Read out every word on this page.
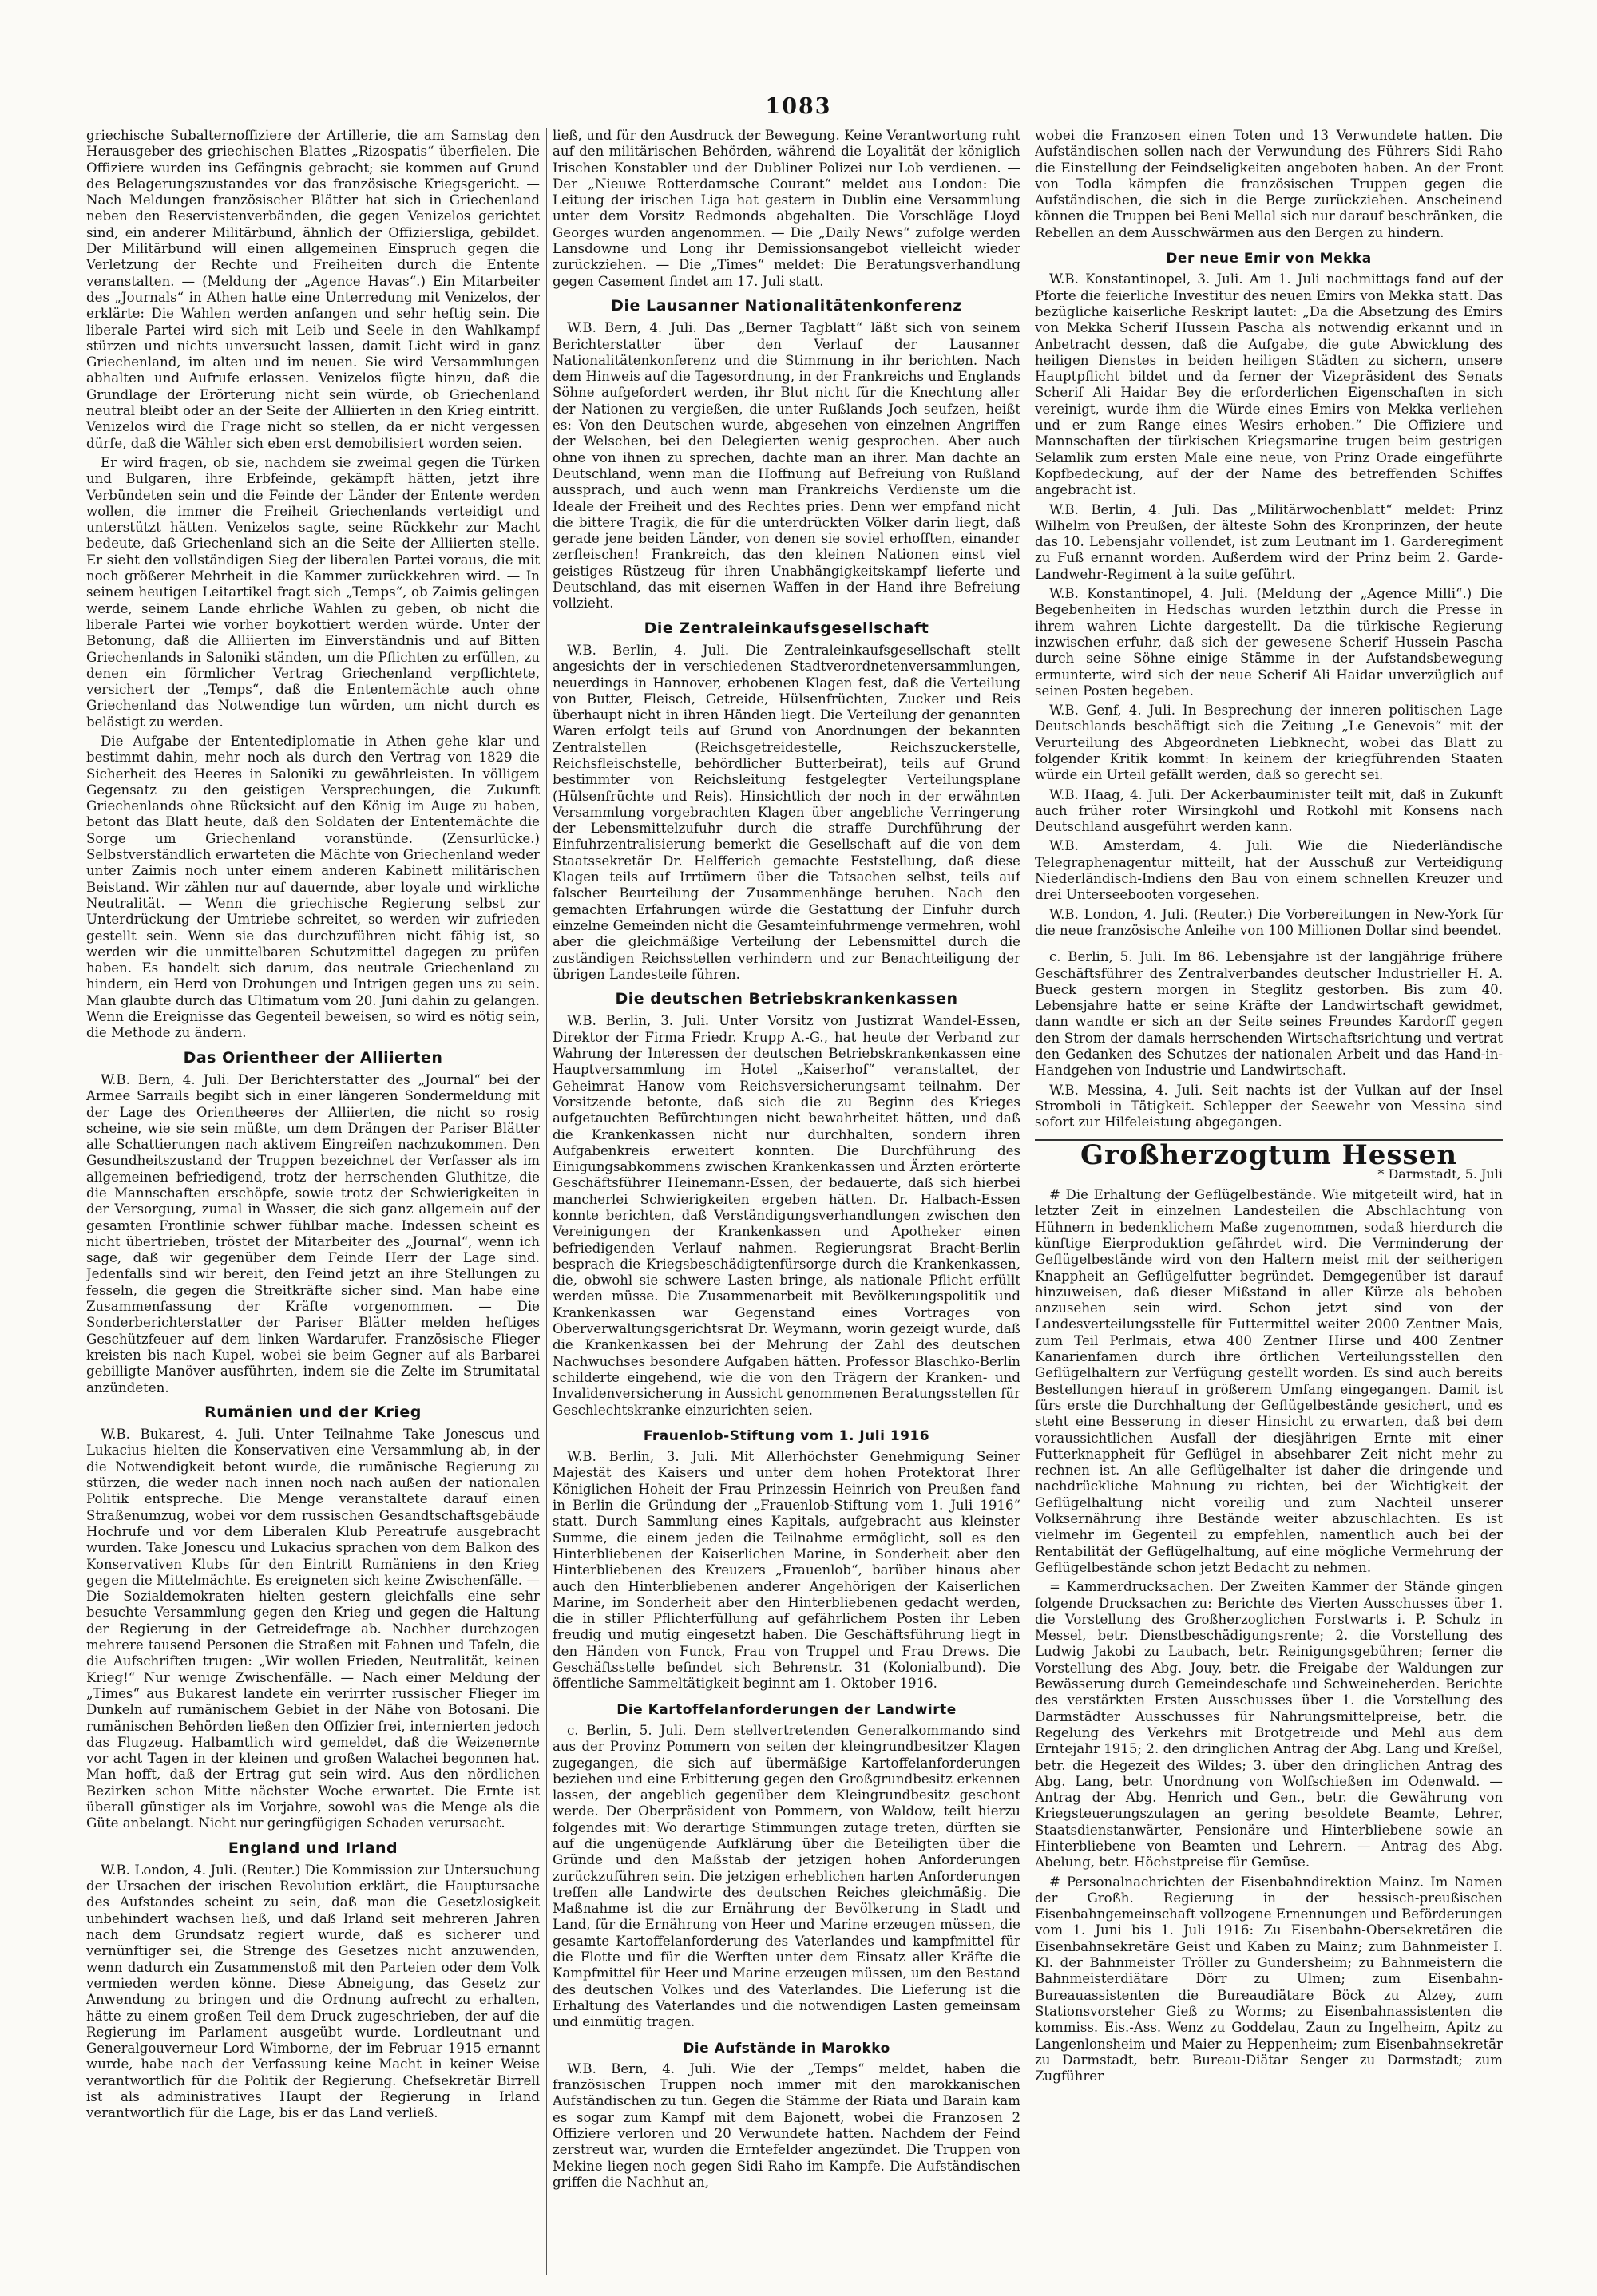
1083

griechische Subalternoffiziere der Artillerie, die am Samstag den Herausgeber des griechischen Blattes „Rizospatis“ überfielen. Die Offiziere wurden ins Gefängnis gebracht; sie kommen auf Grund des Belagerungszustandes vor das französische Kriegsgericht. — Nach Meldungen französischer Blätter hat sich in Griechenland neben den Reservistenverbänden, die gegen Venizelos gerichtet sind, ein anderer Militärbund, ähnlich der Offiziersliga, gebildet. Der Militärbund will einen allgemeinen Einspruch gegen die Verletzung der Rechte und Freiheiten durch die Entente veranstalten. — (Meldung der „Agence Havas“.) Ein Mitarbeiter des „Journals“ in Athen hatte eine Unterredung mit Venizelos, der erklärte: Die Wahlen werden anfangen und sehr heftig sein. Die liberale Partei wird sich mit Leib und Seele in den Wahlkampf stürzen und nichts unversucht lassen, damit Licht wird in ganz Griechenland, im alten und im neuen. Sie wird Versammlungen abhalten und Aufrufe erlassen. Venizelos fügte hinzu, daß die Grundlage der Erörterung nicht sein würde, ob Griechenland neutral bleibt oder an der Seite der Alliierten in den Krieg eintritt. Venizelos wird die Frage nicht so stellen, da er nicht vergessen dürfe, daß die Wähler sich eben erst demobilisiert worden seien.

Er wird fragen, ob sie, nachdem sie zweimal gegen die Türken und Bulgaren, ihre Erbfeinde, gekämpft hätten, jetzt ihre Verbündeten sein und die Feinde der Länder der Entente werden wollen, die immer die Freiheit Griechenlands verteidigt und unterstützt hätten. Venizelos sagte, seine Rückkehr zur Macht bedeute, daß Griechenland sich an die Seite der Alliierten stelle. Er sieht den vollständigen Sieg der liberalen Partei voraus, die mit noch größerer Mehrheit in die Kammer zurückkehren wird. — In seinem heutigen Leitartikel fragt sich „Temps“, ob Zaimis gelingen werde, seinem Lande ehrliche Wahlen zu geben, ob nicht die liberale Partei wie vorher boykottiert werden würde. Unter der Betonung, daß die Alliierten im Einverständnis und auf Bitten Griechenlands in Saloniki ständen, um die Pflichten zu erfüllen, zu denen ein förmlicher Vertrag Griechenland verpflichtete, versichert der „Temps“, daß die Ententemächte auch ohne Griechenland das Notwendige tun würden, um nicht durch es belästigt zu werden.

Die Aufgabe der Ententediplomatie in Athen gehe klar und bestimmt dahin, mehr noch als durch den Vertrag von 1829 die Sicherheit des Heeres in Saloniki zu gewährleisten. In völligem Gegensatz zu den geistigen Versprechungen, die Zukunft Griechenlands ohne Rücksicht auf den König im Auge zu haben, betont das Blatt heute, daß den Soldaten der Ententemächte die Sorge um Griechenland voranstünde. (Zensurlücke.) Selbstverständlich erwarteten die Mächte von Griechenland weder unter Zaimis noch unter einem anderen Kabinett militärischen Beistand. Wir zählen nur auf dauernde, aber loyale und wirkliche Neutralität. — Wenn die griechische Regierung selbst zur Unterdrückung der Umtriebe schreitet, so werden wir zufrieden gestellt sein. Wenn sie das durchzuführen nicht fähig ist, so werden wir die unmittelbaren Schutzmittel dagegen zu prüfen haben. Es handelt sich darum, das neutrale Griechenland zu hindern, ein Herd von Drohungen und Intrigen gegen uns zu sein. Man glaubte durch das Ultimatum vom 20. Juni dahin zu gelangen. Wenn die Ereignisse das Gegenteil beweisen, so wird es nötig sein, die Methode zu ändern.

Das Orientheer der Alliierten

W.B. Bern, 4. Juli. Der Berichterstatter des „Journal“ bei der Armee Sarrails begibt sich in einer längeren Sondermeldung mit der Lage des Orientheeres der Alliierten, die nicht so rosig scheine, wie sie sein müßte, um dem Drängen der Pariser Blätter alle Schattierungen nach aktivem Eingreifen nachzukommen. Den Gesundheitszustand der Truppen bezeichnet der Verfasser als im allgemeinen befriedigend, trotz der herrschenden Gluthitze, die die Mannschaften erschöpfe, sowie trotz der Schwierigkeiten in der Versorgung, zumal in Wasser, die sich ganz allgemein auf der gesamten Frontlinie schwer fühlbar mache. Indessen scheint es nicht übertrieben, tröstet der Mitarbeiter des „Journal“, wenn ich sage, daß wir gegenüber dem Feinde Herr der Lage sind. Jedenfalls sind wir bereit, den Feind jetzt an ihre Stellungen zu fesseln, die gegen die Streitkräfte sicher sind. Man habe eine Zusammenfassung der Kräfte vorgenommen. — Die Sonderberichterstatter der Pariser Blätter melden heftiges Geschützfeuer auf dem linken Wardarufer. Französische Flieger kreisten bis nach Kupel, wobei sie beim Gegner auf als Barbarei gebilligte Manöver ausführten, indem sie die Zelte im Strumitatal anzündeten.

Rumänien und der Krieg

W.B. Bukarest, 4. Juli. Unter Teilnahme Take Jonescus und Lukacius hielten die Konservativen eine Versammlung ab, in der die Notwendigkeit betont wurde, die rumänische Regierung zu stürzen, die weder nach innen noch nach außen der nationalen Politik entspreche. Die Menge veranstaltete darauf einen Straßenumzug, wobei vor dem russischen Gesandtschaftsgebäude Hochrufe und vor dem Liberalen Klub Pereatrufe ausgebracht wurden. Take Jonescu und Lukacius sprachen von dem Balkon des Konservativen Klubs für den Eintritt Rumäniens in den Krieg gegen die Mittelmächte. Es ereigneten sich keine Zwischenfälle. — Die Sozialdemokraten hielten gestern gleichfalls eine sehr besuchte Versammlung gegen den Krieg und gegen die Haltung der Regierung in der Getreidefrage ab. Nachher durchzogen mehrere tausend Personen die Straßen mit Fahnen und Tafeln, die die Aufschriften trugen: „Wir wollen Frieden, Neutralität, keinen Krieg!“ Nur wenige Zwischenfälle. — Nach einer Meldung der „Times“ aus Bukarest landete ein verirrter russischer Flieger im Dunkeln auf rumänischem Gebiet in der Nähe von Botosani. Die rumänischen Behörden ließen den Offizier frei, internierten jedoch das Flugzeug. Halbamtlich wird gemeldet, daß die Weizenernte vor acht Tagen in der kleinen und großen Walachei begonnen hat. Man hofft, daß der Ertrag gut sein wird. Aus den nördlichen Bezirken schon Mitte nächster Woche erwartet. Die Ernte ist überall günstiger als im Vorjahre, sowohl was die Menge als die Güte anbelangt. Nicht nur geringfügigen Schaden verursacht.

England und Irland

W.B. London, 4. Juli. (Reuter.) Die Kommission zur Untersuchung der Ursachen der irischen Revolution erklärt, die Hauptursache des Aufstandes scheint zu sein, daß man die Gesetzlosigkeit unbehindert wachsen ließ, und daß Irland seit mehreren Jahren nach dem Grundsatz regiert wurde, daß es sicherer und vernünftiger sei, die Strenge des Gesetzes nicht anzuwenden, wenn dadurch ein Zusammenstoß mit den Parteien oder dem Volk vermieden werden könne. Diese Abneigung, das Gesetz zur Anwendung zu bringen und die Ordnung aufrecht zu erhalten, hätte zu einem großen Teil dem Druck zugeschrieben, der auf die Regierung im Parlament ausgeübt wurde. Lordleutnant und Generalgouverneur Lord Wimborne, der im Februar 1915 ernannt wurde, habe nach der Verfassung keine Macht in keiner Weise verantwortlich für die Politik der Regierung. Chefsekretär Birrell ist als administratives Haupt der Regierung in Irland verantwortlich für die Lage, bis er das Land verließ.

ließ, und für den Ausdruck der Bewegung. Keine Verantwortung ruht auf den militärischen Behörden, während die Loyalität der königlich Irischen Konstabler und der Dubliner Polizei nur Lob verdienen. — Der „Nieuwe Rotterdamsche Courant“ meldet aus London: Die Leitung der irischen Liga hat gestern in Dublin eine Versammlung unter dem Vorsitz Redmonds abgehalten. Die Vorschläge Lloyd Georges wurden angenommen. — Die „Daily News“ zufolge werden Lansdowne und Long ihr Demissionsangebot vielleicht wieder zurückziehen. — Die „Times“ meldet: Die Beratungsverhandlung gegen Casement findet am 17. Juli statt.

Die Lausanner Nationalitätenkonferenz

W.B. Bern, 4. Juli. Das „Berner Tagblatt“ läßt sich von seinem Berichterstatter über den Verlauf der Lausanner Nationalitätenkonferenz und die Stimmung in ihr berichten. Nach dem Hinweis auf die Tagesordnung, in der Frankreichs und Englands Söhne aufgefordert werden, ihr Blut nicht für die Knechtung aller der Nationen zu vergießen, die unter Rußlands Joch seufzen, heißt es: Von den Deutschen wurde, abgesehen von einzelnen Angriffen der Welschen, bei den Delegierten wenig gesprochen. Aber auch ohne von ihnen zu sprechen, dachte man an ihrer. Man dachte an Deutschland, wenn man die Hoffnung auf Befreiung von Rußland aussprach, und auch wenn man Frankreichs Verdienste um die Ideale der Freiheit und des Rechtes pries. Denn wer empfand nicht die bittere Tragik, die für die unterdrückten Völker darin liegt, daß gerade jene beiden Länder, von denen sie soviel erhofften, einander zerfleischen! Frankreich, das den kleinen Nationen einst viel geistiges Rüstzeug für ihren Unabhängigkeitskampf lieferte und Deutschland, das mit eisernen Waffen in der Hand ihre Befreiung vollzieht.

Die Zentraleinkaufsgesellschaft

W.B. Berlin, 4. Juli. Die Zentraleinkaufsgesellschaft stellt angesichts der in verschiedenen Stadtverordnetenversammlungen, neuerdings in Hannover, erhobenen Klagen fest, daß die Verteilung von Butter, Fleisch, Getreide, Hülsenfrüchten, Zucker und Reis überhaupt nicht in ihren Händen liegt. Die Verteilung der genannten Waren erfolgt teils auf Grund von Anordnungen der bekannten Zentralstellen (Reichsgetreidestelle, Reichszuckerstelle, Reichsfleischstelle, behördlicher Butterbeirat), teils auf Grund bestimmter von Reichsleitung festgelegter Verteilungsplane (Hülsenfrüchte und Reis). Hinsichtlich der noch in der erwähnten Versammlung vorgebrachten Klagen über angebliche Verringerung der Lebensmittelzufuhr durch die straffe Durchführung der Einfuhrzentralisierung bemerkt die Gesellschaft auf die von dem Staatssekretär Dr. Helfferich gemachte Feststellung, daß diese Klagen teils auf Irrtümern über die Tatsachen selbst, teils auf falscher Beurteilung der Zusammenhänge beruhen. Nach den gemachten Erfahrungen würde die Gestattung der Einfuhr durch einzelne Gemeinden nicht die Gesamteinfuhrmenge vermehren, wohl aber die gleichmäßige Verteilung der Lebensmittel durch die zuständigen Reichsstellen verhindern und zur Benachteiligung der übrigen Landesteile führen.

Die deutschen Betriebskrankenkassen

W.B. Berlin, 3. Juli. Unter Vorsitz von Justizrat Wandel-Essen, Direktor der Firma Friedr. Krupp A.-G., hat heute der Verband zur Wahrung der Interessen der deutschen Betriebskrankenkassen eine Hauptversammlung im Hotel „Kaiserhof“ veranstaltet, der Geheimrat Hanow vom Reichsversicherungsamt teilnahm. Der Vorsitzende betonte, daß sich die zu Beginn des Krieges aufgetauchten Befürchtungen nicht bewahrheitet hätten, und daß die Krankenkassen nicht nur durchhalten, sondern ihren Aufgabenkreis erweitert konnten. Die Durchführung des Einigungsabkommens zwischen Krankenkassen und Ärzten erörterte Geschäftsführer Heinemann-Essen, der bedauerte, daß sich hierbei mancherlei Schwierigkeiten ergeben hätten. Dr. Halbach-Essen konnte berichten, daß Verständigungsverhandlungen zwischen den Vereinigungen der Krankenkassen und Apotheker einen befriedigenden Verlauf nahmen. Regierungsrat Bracht-Berlin besprach die Kriegsbeschädigtenfürsorge durch die Krankenkassen, die, obwohl sie schwere Lasten bringe, als nationale Pflicht erfüllt werden müsse. Die Zusammenarbeit mit Bevölkerungspolitik und Krankenkassen war Gegenstand eines Vortrages von Oberverwaltungsgerichtsrat Dr. Weymann, worin gezeigt wurde, daß die Krankenkassen bei der Mehrung der Zahl des deutschen Nachwuchses besondere Aufgaben hätten. Professor Blaschko-Berlin schilderte eingehend, wie die von den Trägern der Kranken- und Invalidenversicherung in Aussicht genommenen Beratungsstellen für Geschlechtskranke einzurichten seien.

Frauenlob-Stiftung vom 1. Juli 1916

W.B. Berlin, 3. Juli. Mit Allerhöchster Genehmigung Seiner Majestät des Kaisers und unter dem hohen Protektorat Ihrer Königlichen Hoheit der Frau Prinzessin Heinrich von Preußen fand in Berlin die Gründung der „Frauenlob-Stiftung vom 1. Juli 1916“ statt. Durch Sammlung eines Kapitals, aufgebracht aus kleinster Summe, die einem jeden die Teilnahme ermöglicht, soll es den Hinterbliebenen der Kaiserlichen Marine, in Sonderheit aber den Hinterbliebenen des Kreuzers „Frauenlob“, barüber hinaus aber auch den Hinterbliebenen anderer Angehörigen der Kaiserlichen Marine, im Sonderheit aber den Hinterbliebenen gedacht werden, die in stiller Pflichterfüllung auf gefährlichem Posten ihr Leben freudig und mutig eingesetzt haben. Die Geschäftsführung liegt in den Händen von Funck, Frau von Truppel und Frau Drews. Die Geschäftsstelle befindet sich Behrenstr. 31 (Kolonialbund). Die öffentliche Sammeltätigkeit beginnt am 1. Oktober 1916.

Die Kartoffelanforderungen der Landwirte

c. Berlin, 5. Juli. Dem stellvertretenden Generalkommando sind aus der Provinz Pommern von seiten der kleingrundbesitzer Klagen zugegangen, die sich auf übermäßige Kartoffelanforderungen beziehen und eine Erbitterung gegen den Großgrundbesitz erkennen lassen, der angeblich gegenüber dem Kleingrundbesitz geschont werde. Der Oberpräsident von Pommern, von Waldow, teilt hierzu folgendes mit: Wo derartige Stimmungen zutage treten, dürften sie auf die ungenügende Aufklärung über die Beteiligten über die Gründe und den Maßstab der jetzigen hohen Anforderungen zurückzuführen sein. Die jetzigen erheblichen harten Anforderungen treffen alle Landwirte des deutschen Reiches gleichmäßig. Die Maßnahme ist die zur Ernährung der Bevölkerung in Stadt und Land, für die Ernährung von Heer und Marine erzeugen müssen, die gesamte Kartoffelanforderung des Vaterlandes und kampfmittel für die Flotte und für die Werften unter dem Einsatz aller Kräfte die Kampfmittel für Heer und Marine erzeugen müssen, um den Bestand des deutschen Volkes und des Vaterlandes. Die Lieferung ist die Erhaltung des Vaterlandes und die notwendigen Lasten gemeinsam und einmütig tragen.

Die Aufstände in Marokko

W.B. Bern, 4. Juli. Wie der „Temps“ meldet, haben die französischen Truppen noch immer mit den marokkanischen Aufständischen zu tun. Gegen die Stämme der Riata und Barain kam es sogar zum Kampf mit dem Bajonett, wobei die Franzosen 2 Offiziere verloren und 20 Verwundete hatten. Nachdem der Feind zerstreut war, wurden die Erntefelder angezündet. Die Truppen von Mekine liegen noch gegen Sidi Raho im Kampfe. Die Aufständischen griffen die Nachhut an,

wobei die Franzosen einen Toten und 13 Verwundete hatten. Die Aufständischen sollen nach der Verwundung des Führers Sidi Raho die Einstellung der Feindseligkeiten angeboten haben. An der Front von Todla kämpfen die französischen Truppen gegen die Aufständischen, die sich in die Berge zurückziehen. Anscheinend können die Truppen bei Beni Mellal sich nur darauf beschränken, die Rebellen an dem Ausschwärmen aus den Bergen zu hindern.

Der neue Emir von Mekka

W.B. Konstantinopel, 3. Juli. Am 1. Juli nachmittags fand auf der Pforte die feierliche Investitur des neuen Emirs von Mekka statt. Das bezügliche kaiserliche Reskript lautet: „Da die Absetzung des Emirs von Mekka Scherif Hussein Pascha als notwendig erkannt und in Anbetracht dessen, daß die Aufgabe, die gute Abwicklung des heiligen Dienstes in beiden heiligen Städten zu sichern, unsere Hauptpflicht bildet und da ferner der Vizepräsident des Senats Scherif Ali Haidar Bey die erforderlichen Eigenschaften in sich vereinigt, wurde ihm die Würde eines Emirs von Mekka verliehen und er zum Range eines Wesirs erhoben.“ Die Offiziere und Mannschaften der türkischen Kriegsmarine trugen beim gestrigen Selamlik zum ersten Male eine neue, von Prinz Orade eingeführte Kopfbedeckung, auf der der Name des betreffenden Schiffes angebracht ist.

W.B. Berlin, 4. Juli. Das „Militärwochenblatt“ meldet: Prinz Wilhelm von Preußen, der älteste Sohn des Kronprinzen, der heute das 10. Lebensjahr vollendet, ist zum Leutnant im 1. Garderegiment zu Fuß ernannt worden. Außerdem wird der Prinz beim 2. Garde-Landwehr-Regiment à la suite geführt.

W.B. Konstantinopel, 4. Juli. (Meldung der „Agence Milli“.) Die Begebenheiten in Hedschas wurden letzthin durch die Presse in ihrem wahren Lichte dargestellt. Da die türkische Regierung inzwischen erfuhr, daß sich der gewesene Scherif Hussein Pascha durch seine Söhne einige Stämme in der Aufstandsbewegung ermunterte, wird sich der neue Scherif Ali Haidar unverzüglich auf seinen Posten begeben.

W.B. Genf, 4. Juli. In Besprechung der inneren politischen Lage Deutschlands beschäftigt sich die Zeitung „Le Genevois“ mit der Verurteilung des Abgeordneten Liebknecht, wobei das Blatt zu folgender Kritik kommt: In keinem der kriegführenden Staaten würde ein Urteil gefällt werden, daß so gerecht sei.

W.B. Haag, 4. Juli. Der Ackerbauminister teilt mit, daß in Zukunft auch früher roter Wirsingkohl und Rotkohl mit Konsens nach Deutschland ausgeführt werden kann.

W.B. Amsterdam, 4. Juli. Wie die Niederländische Telegraphenagentur mitteilt, hat der Ausschuß zur Verteidigung Niederländisch-Indiens den Bau von einem schnellen Kreuzer und drei Unterseebooten vorgesehen.

W.B. London, 4. Juli. (Reuter.) Die Vorbereitungen in New-York für die neue französische Anleihe von 100 Millionen Dollar sind beendet.

c. Berlin, 5. Juli. Im 86. Lebensjahre ist der langjährige frühere Geschäftsführer des Zentralverbandes deutscher Industrieller H. A. Bueck gestern morgen in Steglitz gestorben. Bis zum 40. Lebensjahre hatte er seine Kräfte der Landwirtschaft gewidmet, dann wandte er sich an der Seite seines Freundes Kardorff gegen den Strom der damals herrschenden Wirtschaftsrichtung und vertrat den Gedanken des Schutzes der nationalen Arbeit und das Hand-in-Handgehen von Industrie und Landwirtschaft.

W.B. Messina, 4. Juli. Seit nachts ist der Vulkan auf der Insel Stromboli in Tätigkeit. Schlepper der Seewehr von Messina sind sofort zur Hilfeleistung abgegangen.

Großherzogtum Hessen
* Darmstadt, 5. Juli

# Die Erhaltung der Geflügelbestände. Wie mitgeteilt wird, hat in letzter Zeit in einzelnen Landesteilen die Abschlachtung von Hühnern in bedenklichem Maße zugenommen, sodaß hierdurch die künftige Eierproduktion gefährdet wird. Die Verminderung der Geflügelbestände wird von den Haltern meist mit der seitherigen Knappheit an Geflügelfutter begründet. Demgegenüber ist darauf hinzuweisen, daß dieser Mißstand in aller Kürze als behoben anzusehen sein wird. Schon jetzt sind von der Landesverteilungsstelle für Futtermittel weiter 2000 Zentner Mais, zum Teil Perlmais, etwa 400 Zentner Hirse und 400 Zentner Kanarienfamen durch ihre örtlichen Verteilungsstellen den Geflügelhaltern zur Verfügung gestellt worden. Es sind auch bereits Bestellungen hierauf in größerem Umfang eingegangen. Damit ist fürs erste die Durchhaltung der Geflügelbestände gesichert, und es steht eine Besserung in dieser Hinsicht zu erwarten, daß bei dem voraussichtlichen Ausfall der diesjährigen Ernte mit einer Futterknappheit für Geflügel in absehbarer Zeit nicht mehr zu rechnen ist. An alle Geflügelhalter ist daher die dringende und nachdrückliche Mahnung zu richten, bei der Wichtigkeit der Geflügelhaltung nicht voreilig und zum Nachteil unserer Volksernährung ihre Bestände weiter abzuschlachten. Es ist vielmehr im Gegenteil zu empfehlen, namentlich auch bei der Rentabilität der Geflügelhaltung, auf eine mögliche Vermehrung der Geflügelbestände schon jetzt Bedacht zu nehmen.

= Kammerdrucksachen. Der Zweiten Kammer der Stände gingen folgende Drucksachen zu: Berichte des Vierten Ausschusses über 1. die Vorstellung des Großherzoglichen Forstwarts i. P. Schulz in Messel, betr. Dienstbeschädigungsrente; 2. die Vorstellung des Ludwig Jakobi zu Laubach, betr. Reinigungsgebühren; ferner die Vorstellung des Abg. Jouy, betr. die Freigabe der Waldungen zur Bewässerung durch Gemeindeschafe und Schweineherden. Berichte des verstärkten Ersten Ausschusses über 1. die Vorstellung des Darmstädter Ausschusses für Nahrungsmittelpreise, betr. die Regelung des Verkehrs mit Brotgetreide und Mehl aus dem Erntejahr 1915; 2. den dringlichen Antrag der Abg. Lang und Kreßel, betr. die Hegezeit des Wildes; 3. über den dringlichen Antrag des Abg. Lang, betr. Unordnung von Wolfschießen im Odenwald. — Antrag der Abg. Henrich und Gen., betr. die Gewährung von Kriegsteuerungszulagen an gering besoldete Beamte, Lehrer, Staatsdienstanwärter, Pensionäre und Hinterbliebene sowie an Hinterbliebene von Beamten und Lehrern. — Antrag des Abg. Abelung, betr. Höchstpreise für Gemüse.

# Personalnachrichten der Eisenbahndirektion Mainz. Im Namen der Großh. Regierung in der hessisch-preußischen Eisenbahngemeinschaft vollzogene Ernennungen und Beförderungen vom 1. Juni bis 1. Juli 1916: Zu Eisenbahn-Obersekretären die Eisenbahnsekretäre Geist und Kaben zu Mainz; zum Bahnmeister I. Kl. der Bahnmeister Tröller zu Gundersheim; zu Bahnmeistern die Bahnmeisterdiätare Dörr zu Ulmen; zum Eisenbahn-Bureauassistenten die Bureaudiätare Böck zu Alzey, zum Stationsvorsteher Gieß zu Worms; zu Eisenbahnassistenten die kommiss. Eis.-Ass. Wenz zu Goddelau, Zaun zu Ingelheim, Apitz zu Langenlonsheim und Maier zu Heppenheim; zum Eisenbahnsekretär zu Darmstadt, betr. Bureau-Diätar Senger zu Darmstadt; zum Zugführer
